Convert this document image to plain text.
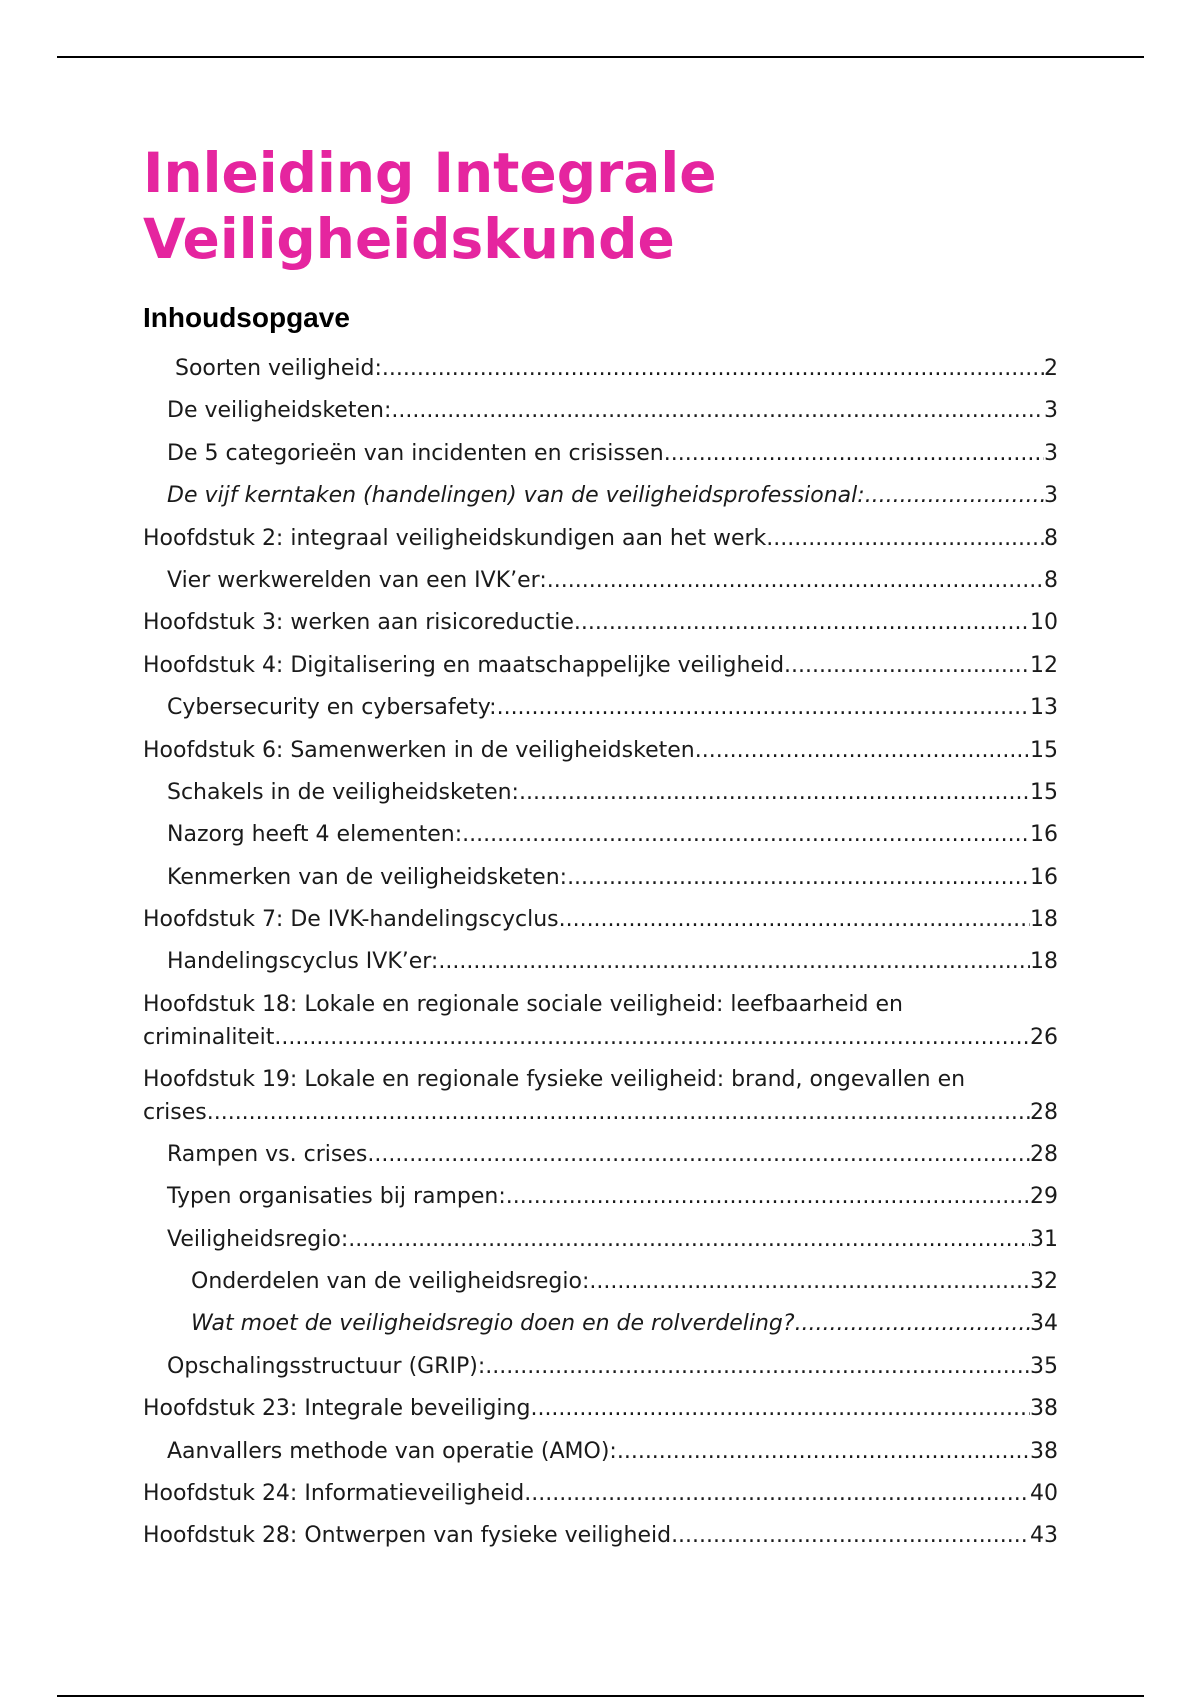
Inleiding Integrale
Veiligheidskunde
Inhoudsopgave
Soorten veiligheid: .....	2
De veiligheidsketen: .....	3
De 5 categorieën van incidenten en crisissen .....	3
De vijf kerntaken (handelingen) van de veiligheidsprofessional: .....	3
Hoofdstuk 2: integraal veiligheidskundigen aan het werk .....	8
Vier werkwerelden van een IVK’er: .....	8
Hoofdstuk 3: werken aan risicoreductie .....	10
Hoofdstuk 4: Digitalisering en maatschappelijke veiligheid .....	12
Cybersecurity en cybersafety: .....	13
Hoofdstuk 6: Samenwerken in de veiligheidsketen .....	15
Schakels in de veiligheidsketen: .....	15
Nazorg heeft 4 elementen: .....	16
Kenmerken van de veiligheidsketen: .....	16
Hoofdstuk 7: De IVK-handelingscyclus .....	18
Handelingscyclus IVK’er: .....	18
Hoofdstuk 18: Lokale en regionale sociale veiligheid: leefbaarheid en
criminaliteit .....	26
Hoofdstuk 19: Lokale en regionale fysieke veiligheid: brand, ongevallen en
crises .....	28
Rampen vs. crises .....	28
Typen organisaties bij rampen: .....	29
Veiligheidsregio: .....	31
Onderdelen van de veiligheidsregio: .....	32
Wat moet de veiligheidsregio doen en de rolverdeling? .....	34
Opschalingsstructuur (GRIP): .....	35
Hoofdstuk 23: Integrale beveiliging .....	38
Aanvallers methode van operatie (AMO): .....	38
Hoofdstuk 24: Informatieveiligheid .....	40
Hoofdstuk 28: Ontwerpen van fysieke veiligheid .....	43
